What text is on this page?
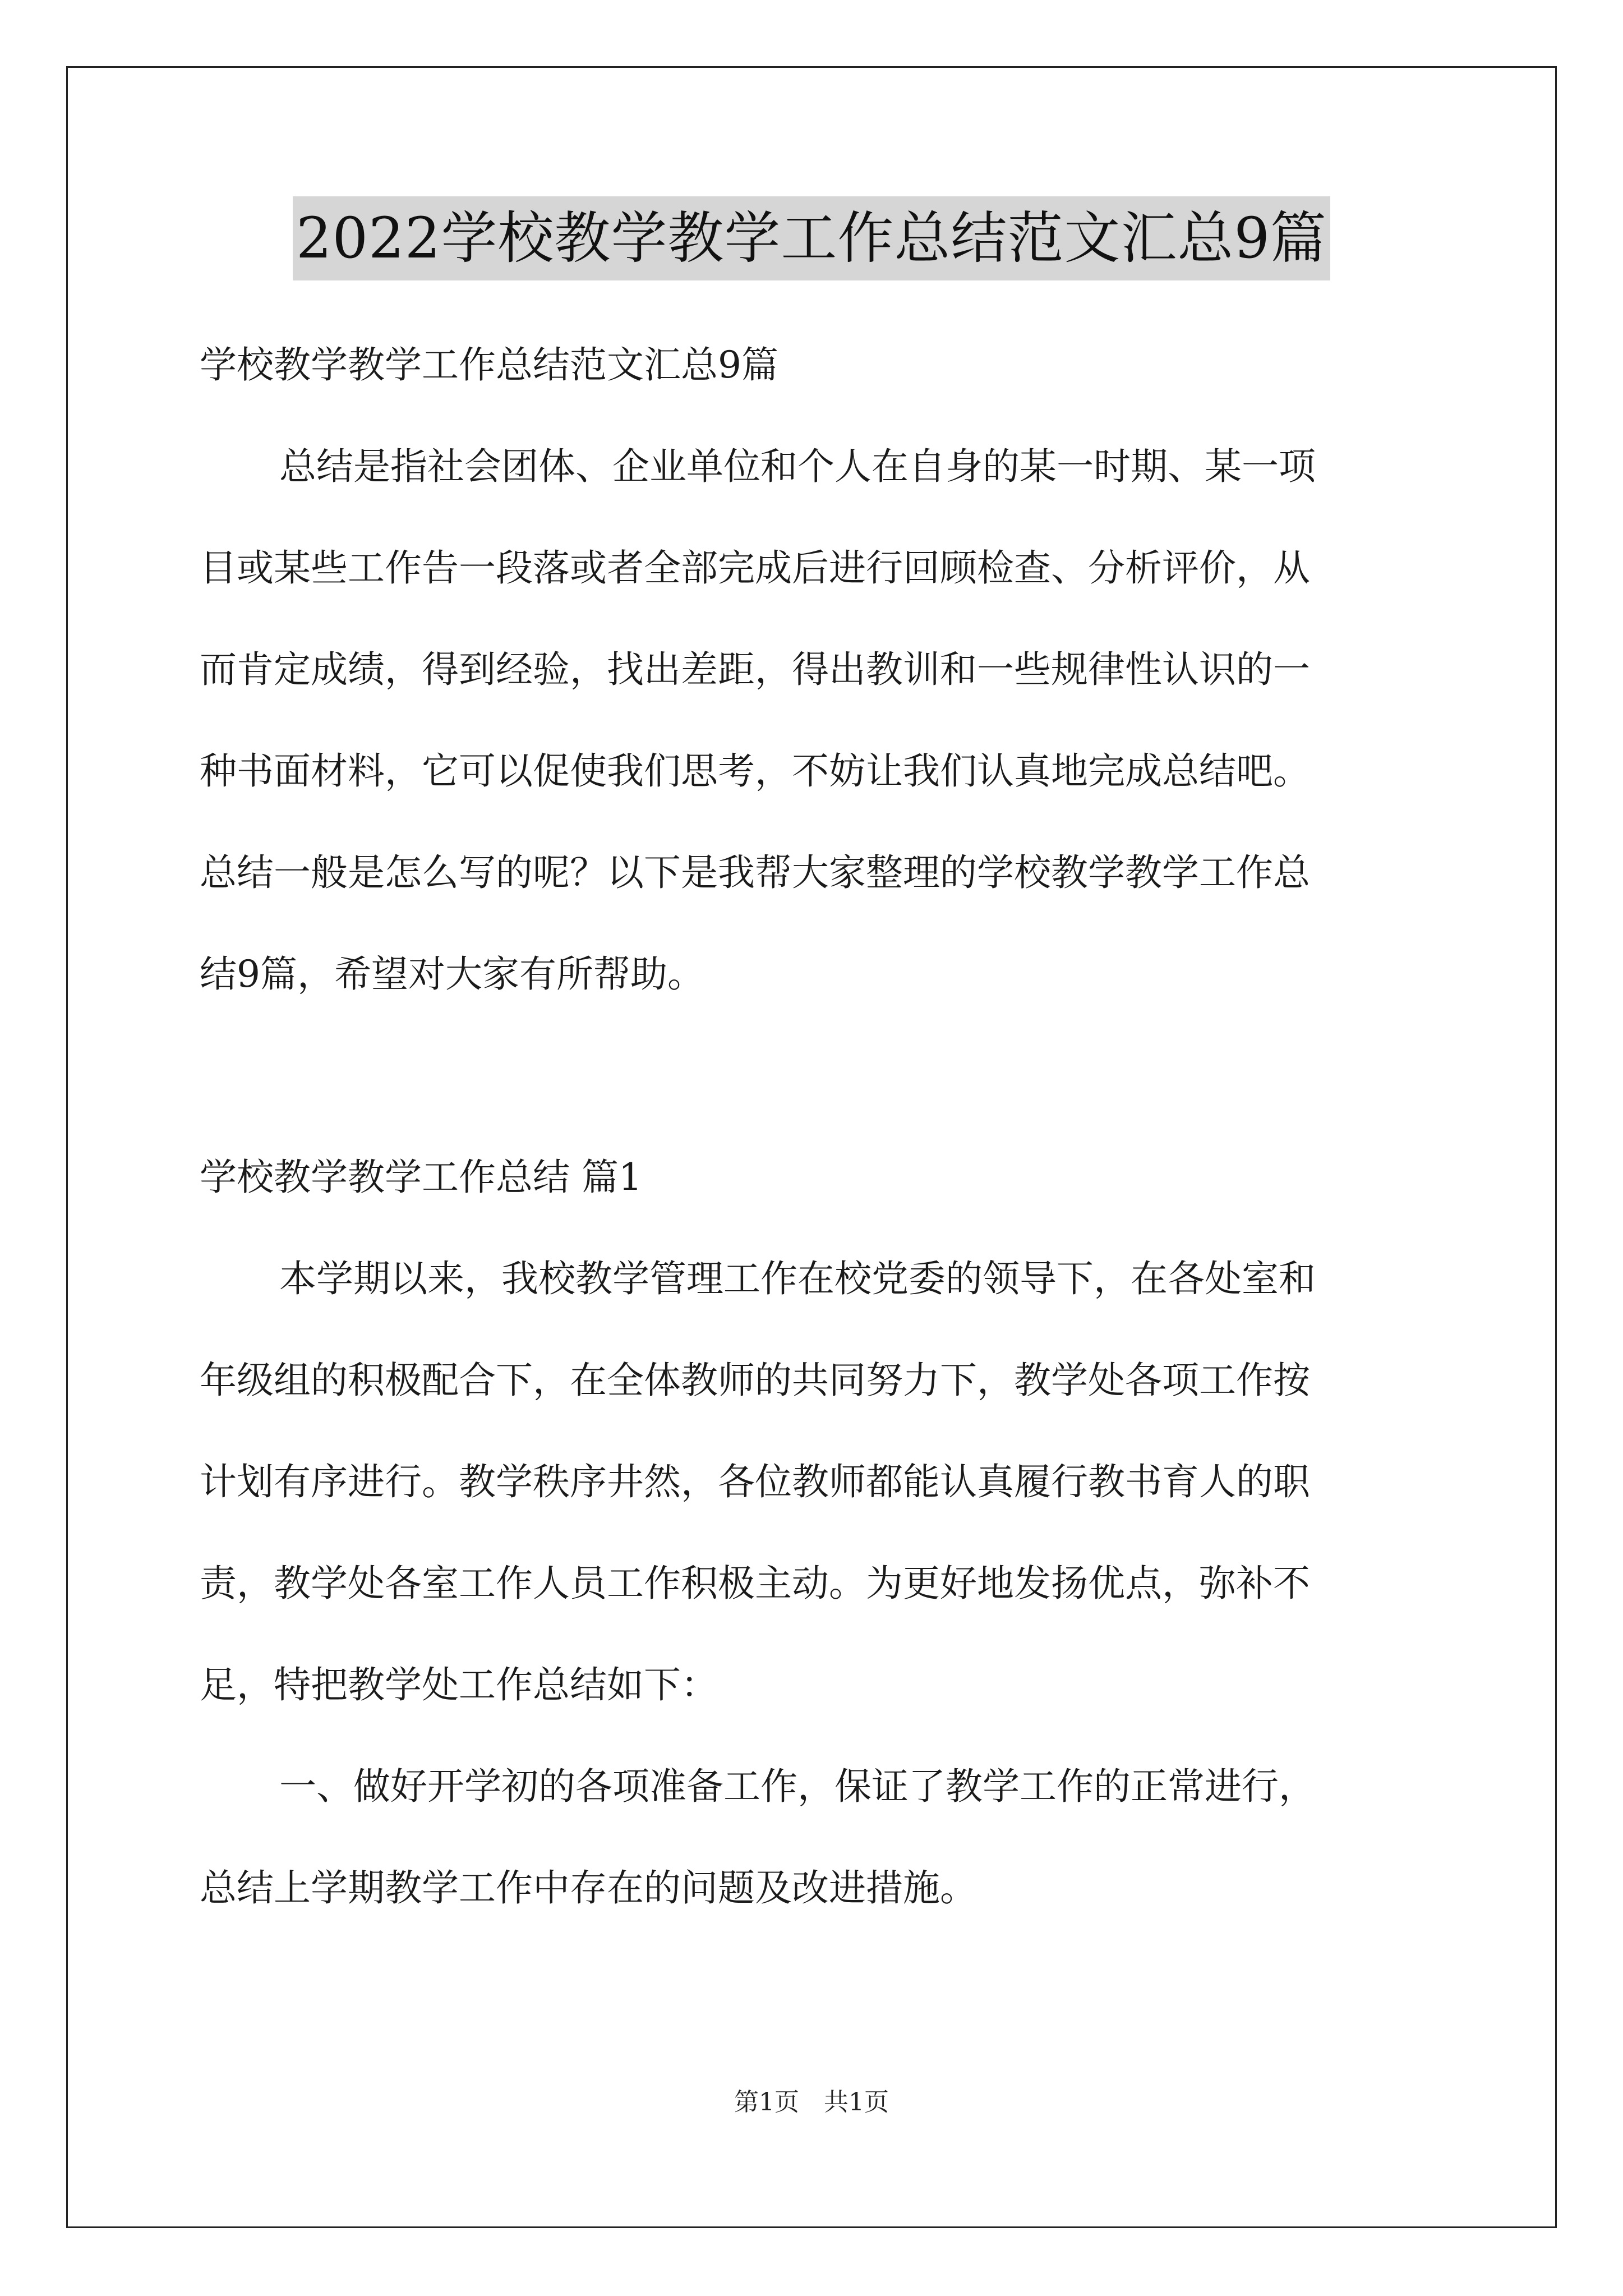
2022学校教学教学工作总结范文汇总9篇

学校教学教学工作总结范文汇总9篇

总结是指社会团体、企业单位和个人在自身的某一时期、某一项

目或某些工作告一段落或者全部完成后进行回顾检查、分析评价，从

而肯定成绩，得到经验，找出差距，得出教训和一些规律性认识的一

种书面材料，它可以促使我们思考，不妨让我们认真地完成总结吧。

总结一般是怎么写的呢？以下是我帮大家整理的学校教学教学工作总

结9篇，希望对大家有所帮助。

学校教学教学工作总结 篇1

本学期以来，我校教学管理工作在校党委的领导下，在各处室和

年级组的积极配合下，在全体教师的共同努力下，教学处各项工作按

计划有序进行。教学秩序井然，各位教师都能认真履行教书育人的职

责，教学处各室工作人员工作积极主动。为更好地发扬优点，弥补不

足，特把教学处工作总结如下：

一、做好开学初的各项准备工作，保证了教学工作的正常进行，

总结上学期教学工作中存在的问题及改进措施。

第1页　共1页
